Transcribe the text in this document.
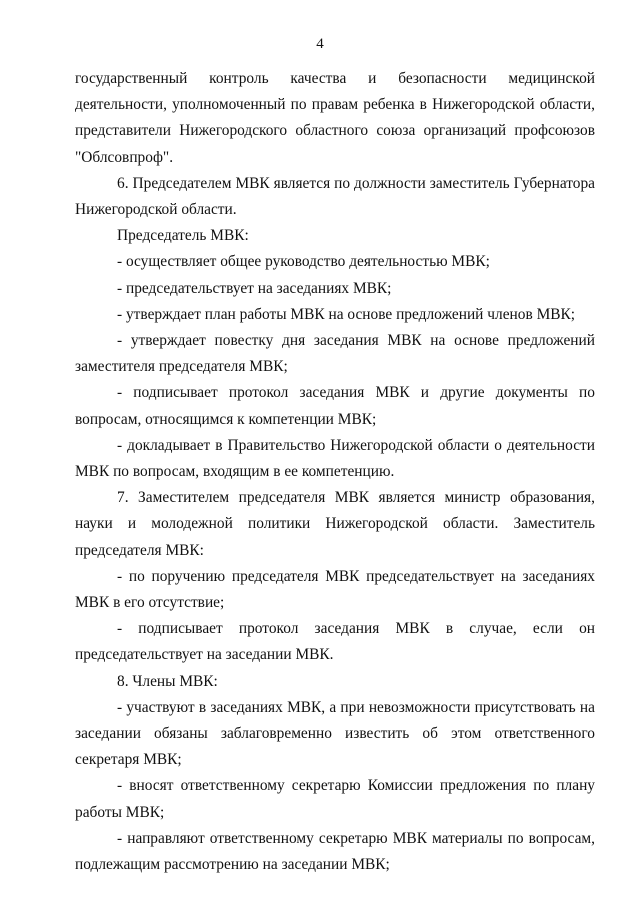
4

государственный контроль качества и безопасности медицинской деятельности, уполномоченный по правам ребенка в Нижегородской области, представители Нижегородского областного союза организаций профсоюзов "Облсовпроф".

6. Председателем МВК является по должности заместитель Губернатора Нижегородской области.

Председатель МВК:

- осуществляет общее руководство деятельностью МВК;

- председательствует на заседаниях МВК;

- утверждает план работы МВК на основе предложений членов МВК;

- утверждает повестку дня заседания МВК на основе предложений заместителя председателя МВК;

- подписывает протокол заседания МВК и другие документы по вопросам, относящимся к компетенции МВК;

- докладывает в Правительство Нижегородской области о деятельности МВК по вопросам, входящим в ее компетенцию.

7. Заместителем председателя МВК является министр образования, науки и молодежной политики Нижегородской области. Заместитель председателя МВК:

- по поручению председателя МВК председательствует на заседаниях МВК в его отсутствие;

- подписывает протокол заседания МВК в случае, если он председательствует на заседании МВК.

8. Члены МВК:

- участвуют в заседаниях МВК, а при невозможности присутствовать на заседании обязаны заблаговременно известить об этом ответственного секретаря МВК;

- вносят ответственному секретарю Комиссии предложения по плану работы МВК;

- направляют ответственному секретарю МВК материалы по вопросам, подлежащим рассмотрению на заседании МВК;
